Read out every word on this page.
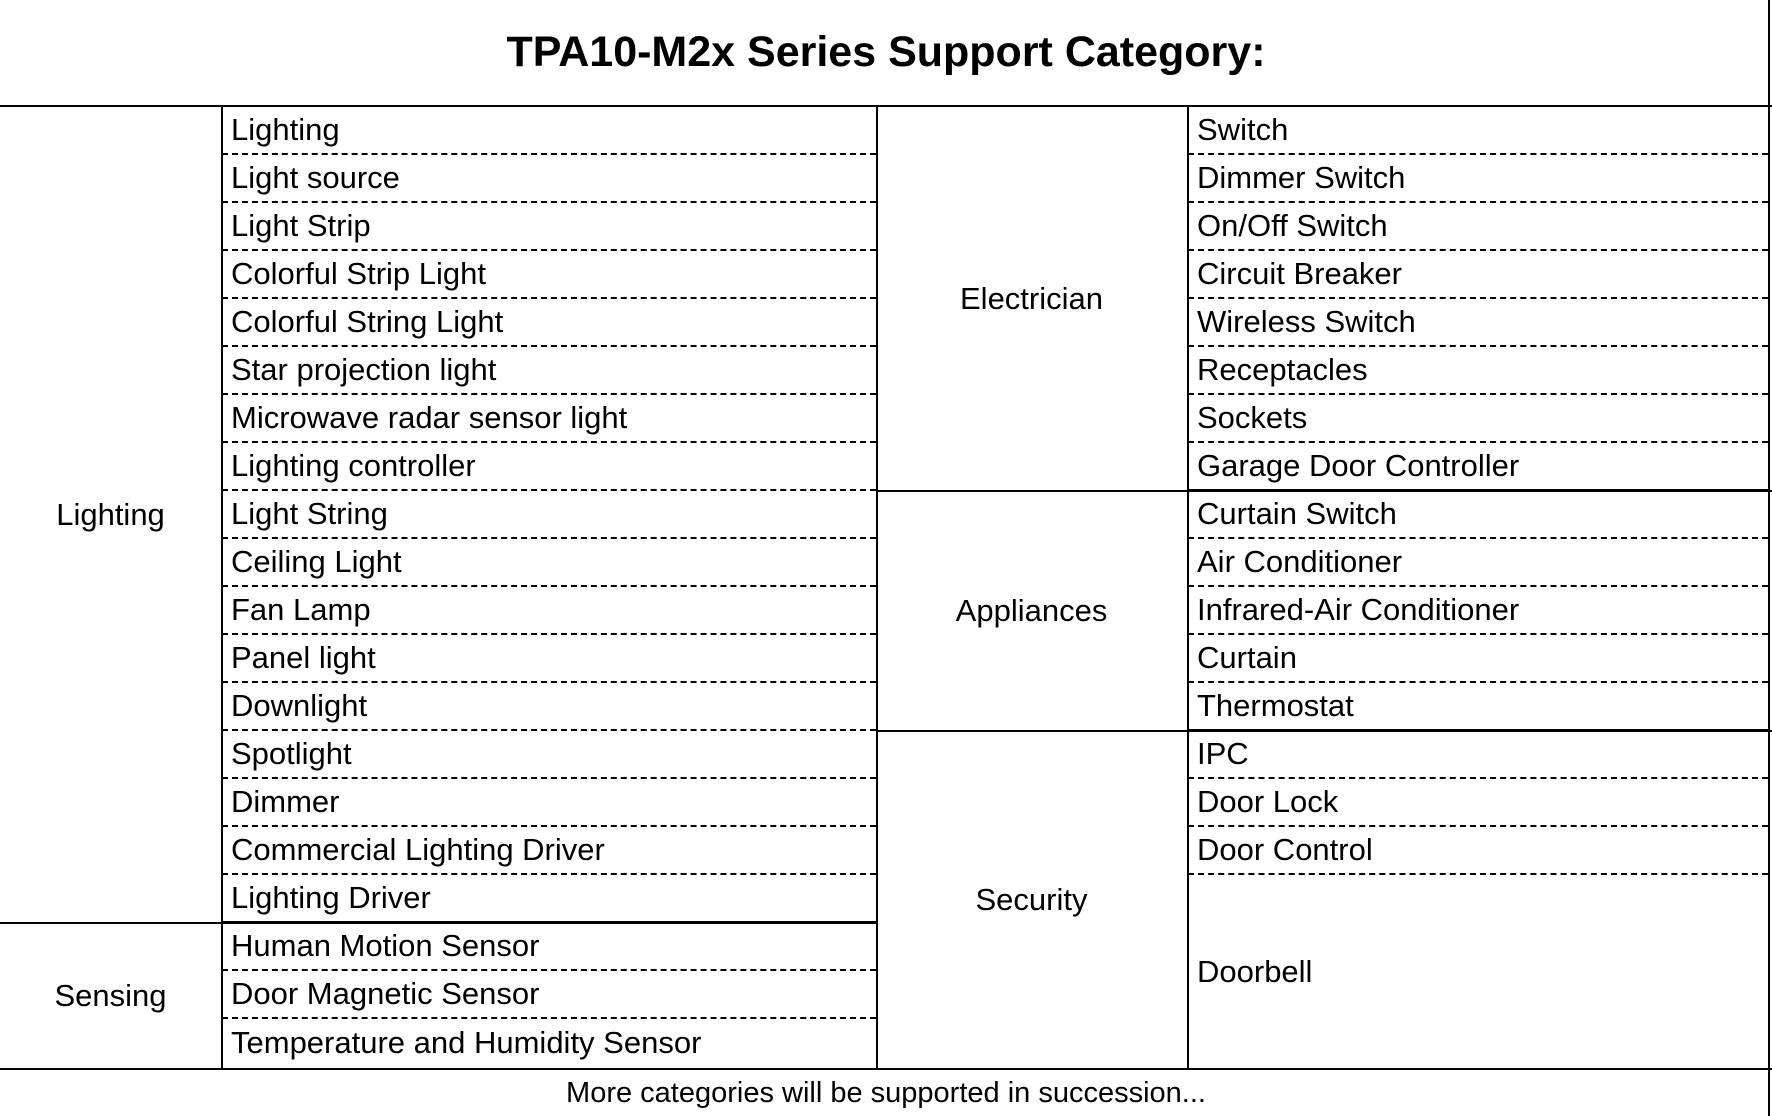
TPA10-M2x Series Support Category:
Lighting
Sensing
Electrician
Appliances
Security
Lighting
Light source
Light Strip
Colorful Strip Light
Colorful String Light
Star projection light
Microwave radar sensor light
Lighting controller
Light String
Ceiling Light
Fan Lamp
Panel light
Downlight
Spotlight
Dimmer
Commercial Lighting Driver
Lighting Driver
Human Motion Sensor
Door Magnetic Sensor
Temperature and Humidity Sensor
Switch
Dimmer Switch
On/Off Switch
Circuit Breaker
Wireless Switch
Receptacles
Sockets
Garage Door Controller
Curtain Switch
Air Conditioner
Infrared-Air Conditioner
Curtain
Thermostat
IPC
Door Lock
Door Control
Doorbell
More categories will be supported in succession...
